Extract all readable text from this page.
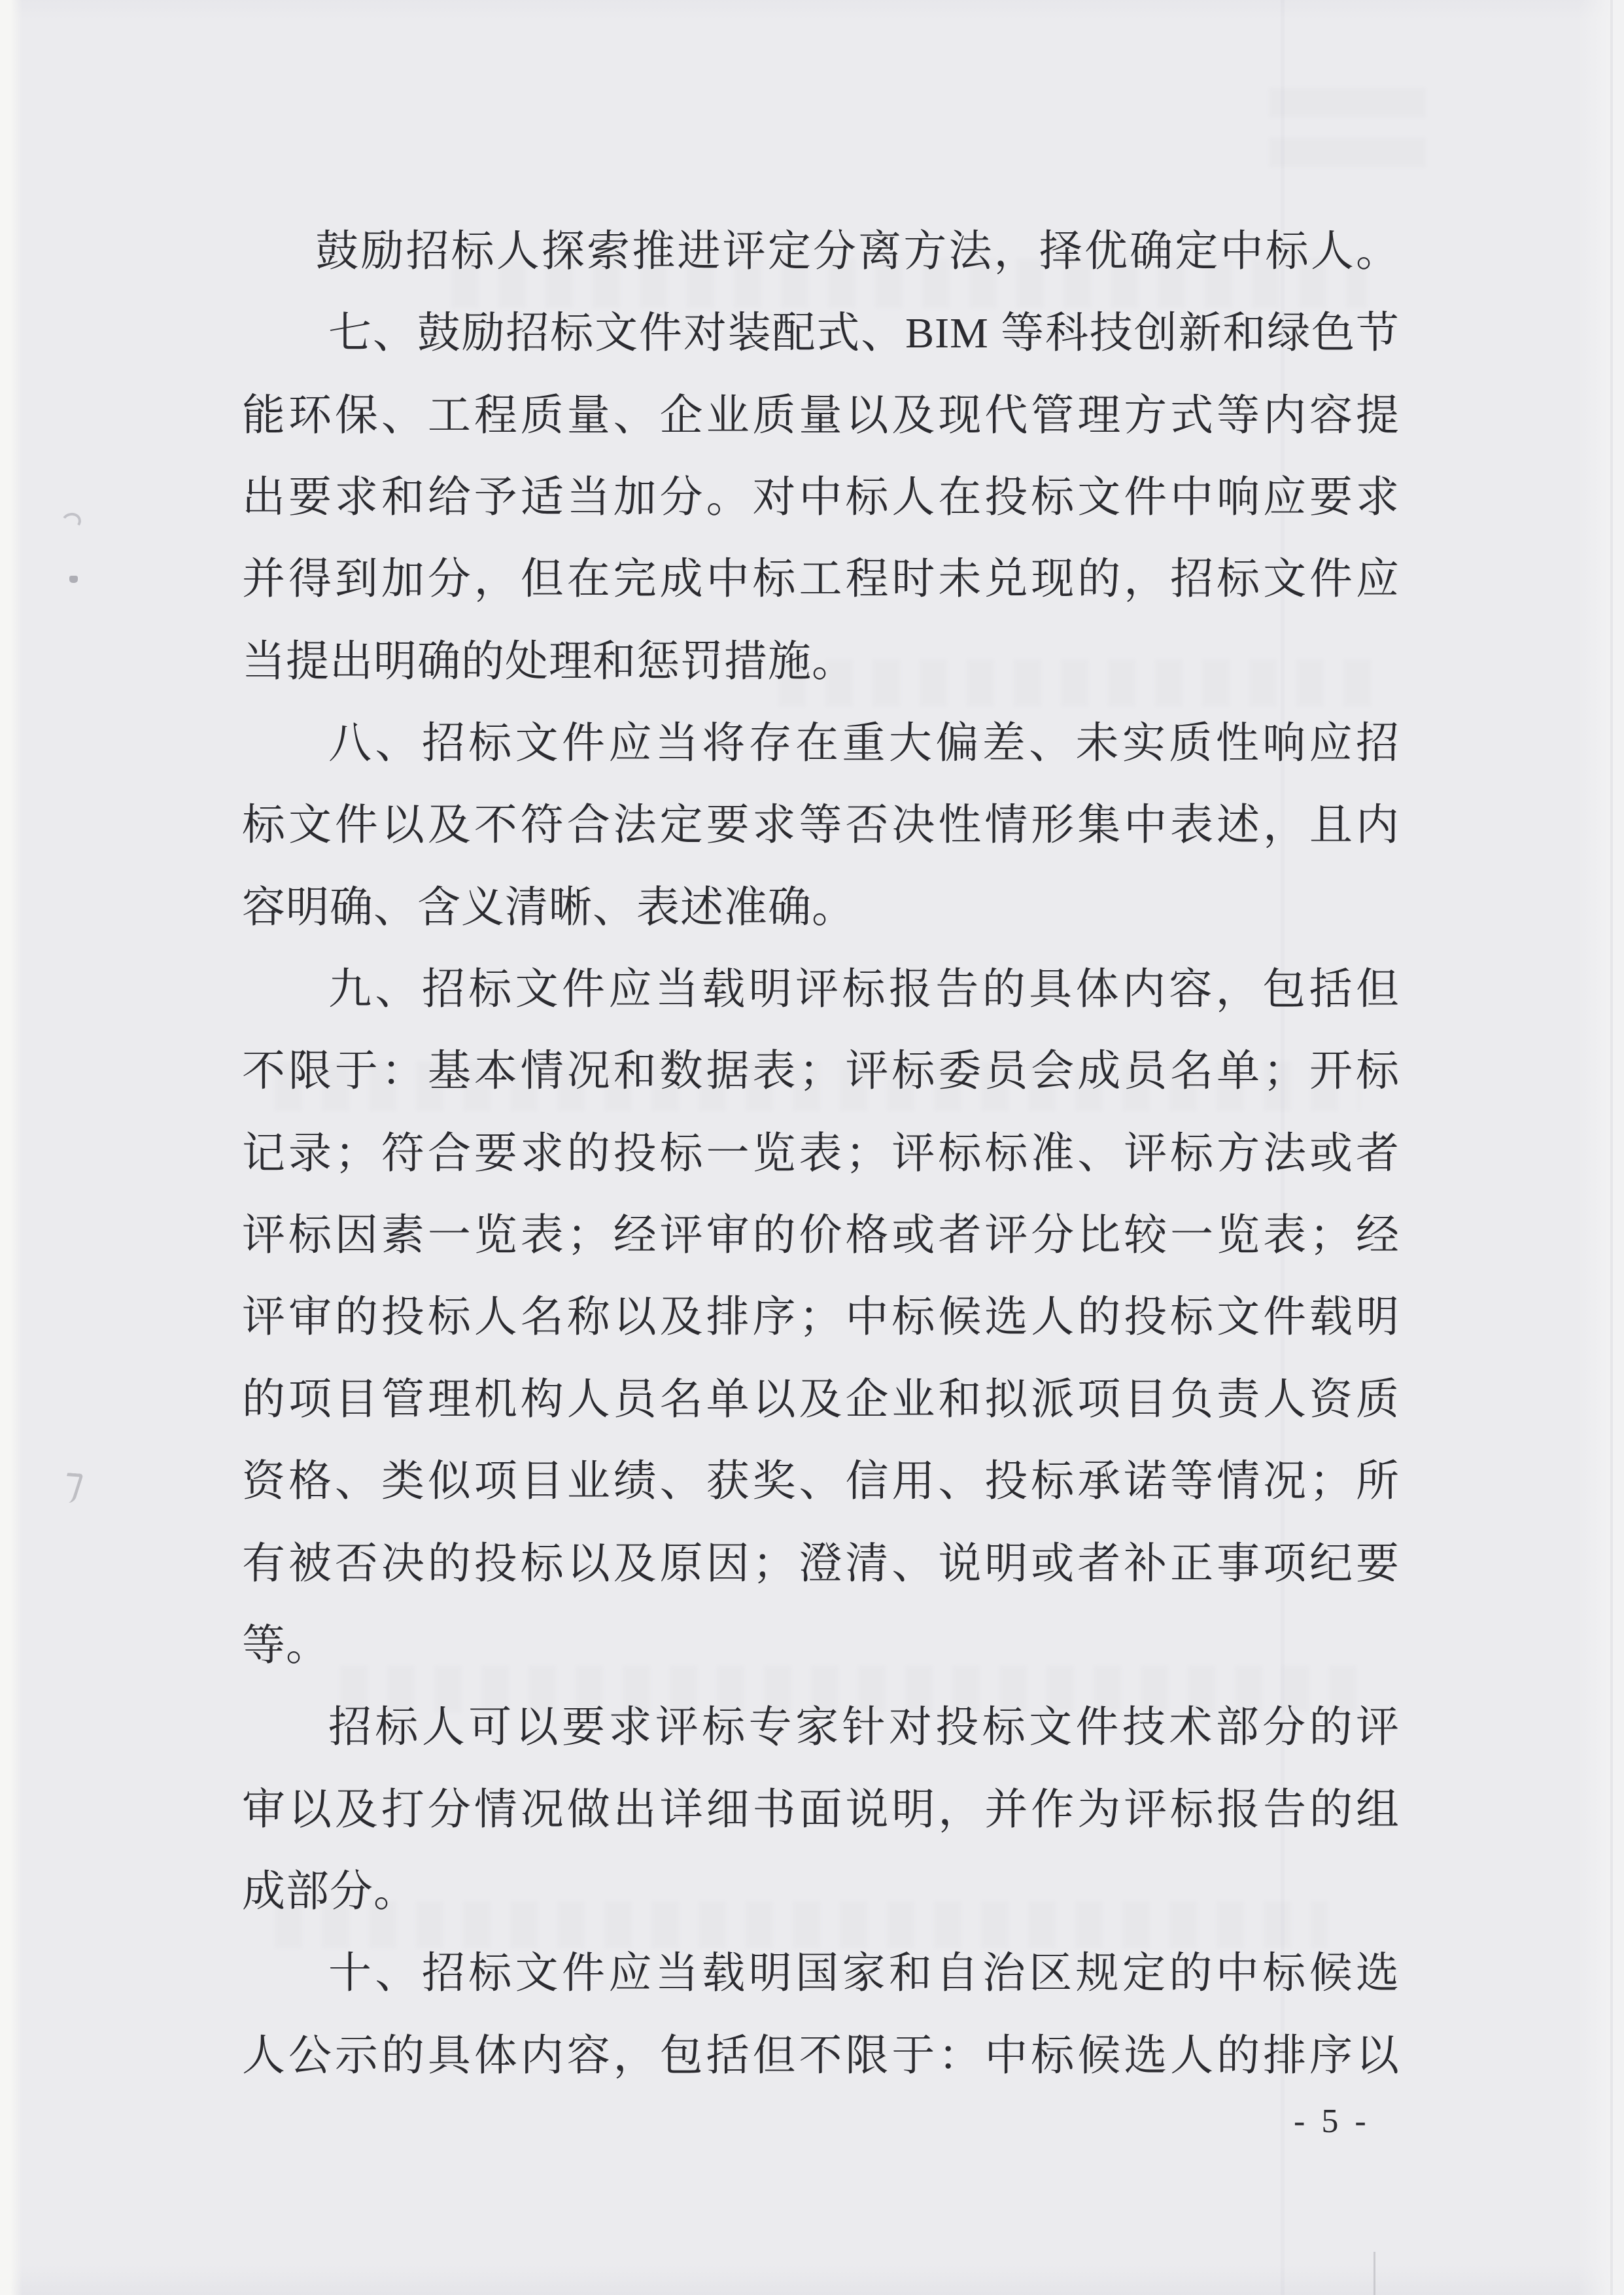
鼓励招标人探索推进评定分离方法，择优确定中标人。
七、鼓励招标文件对装配式、BIM 等科技创新和绿色节
能环保、工程质量、企业质量以及现代管理方式等内容提
出要求和给予适当加分。对中标人在投标文件中响应要求
并得到加分，但在完成中标工程时未兑现的，招标文件应
当提出明确的处理和惩罚措施。
八、招标文件应当将存在重大偏差、未实质性响应招
标文件以及不符合法定要求等否决性情形集中表述，且内
容明确、含义清晰、表述准确。
九、招标文件应当载明评标报告的具体内容，包括但
不限于：基本情况和数据表；评标委员会成员名单；开标
记录；符合要求的投标一览表；评标标准、评标方法或者
评标因素一览表；经评审的价格或者评分比较一览表；经
评审的投标人名称以及排序；中标候选人的投标文件载明
的项目管理机构人员名单以及企业和拟派项目负责人资质
资格、类似项目业绩、获奖、信用、投标承诺等情况；所
有被否决的投标以及原因；澄清、说明或者补正事项纪要
等。
招标人可以要求评标专家针对投标文件技术部分的评
审以及打分情况做出详细书面说明，并作为评标报告的组
成部分。
十、招标文件应当载明国家和自治区规定的中标候选
人公示的具体内容，包括但不限于：中标候选人的排序以
- 5 -
